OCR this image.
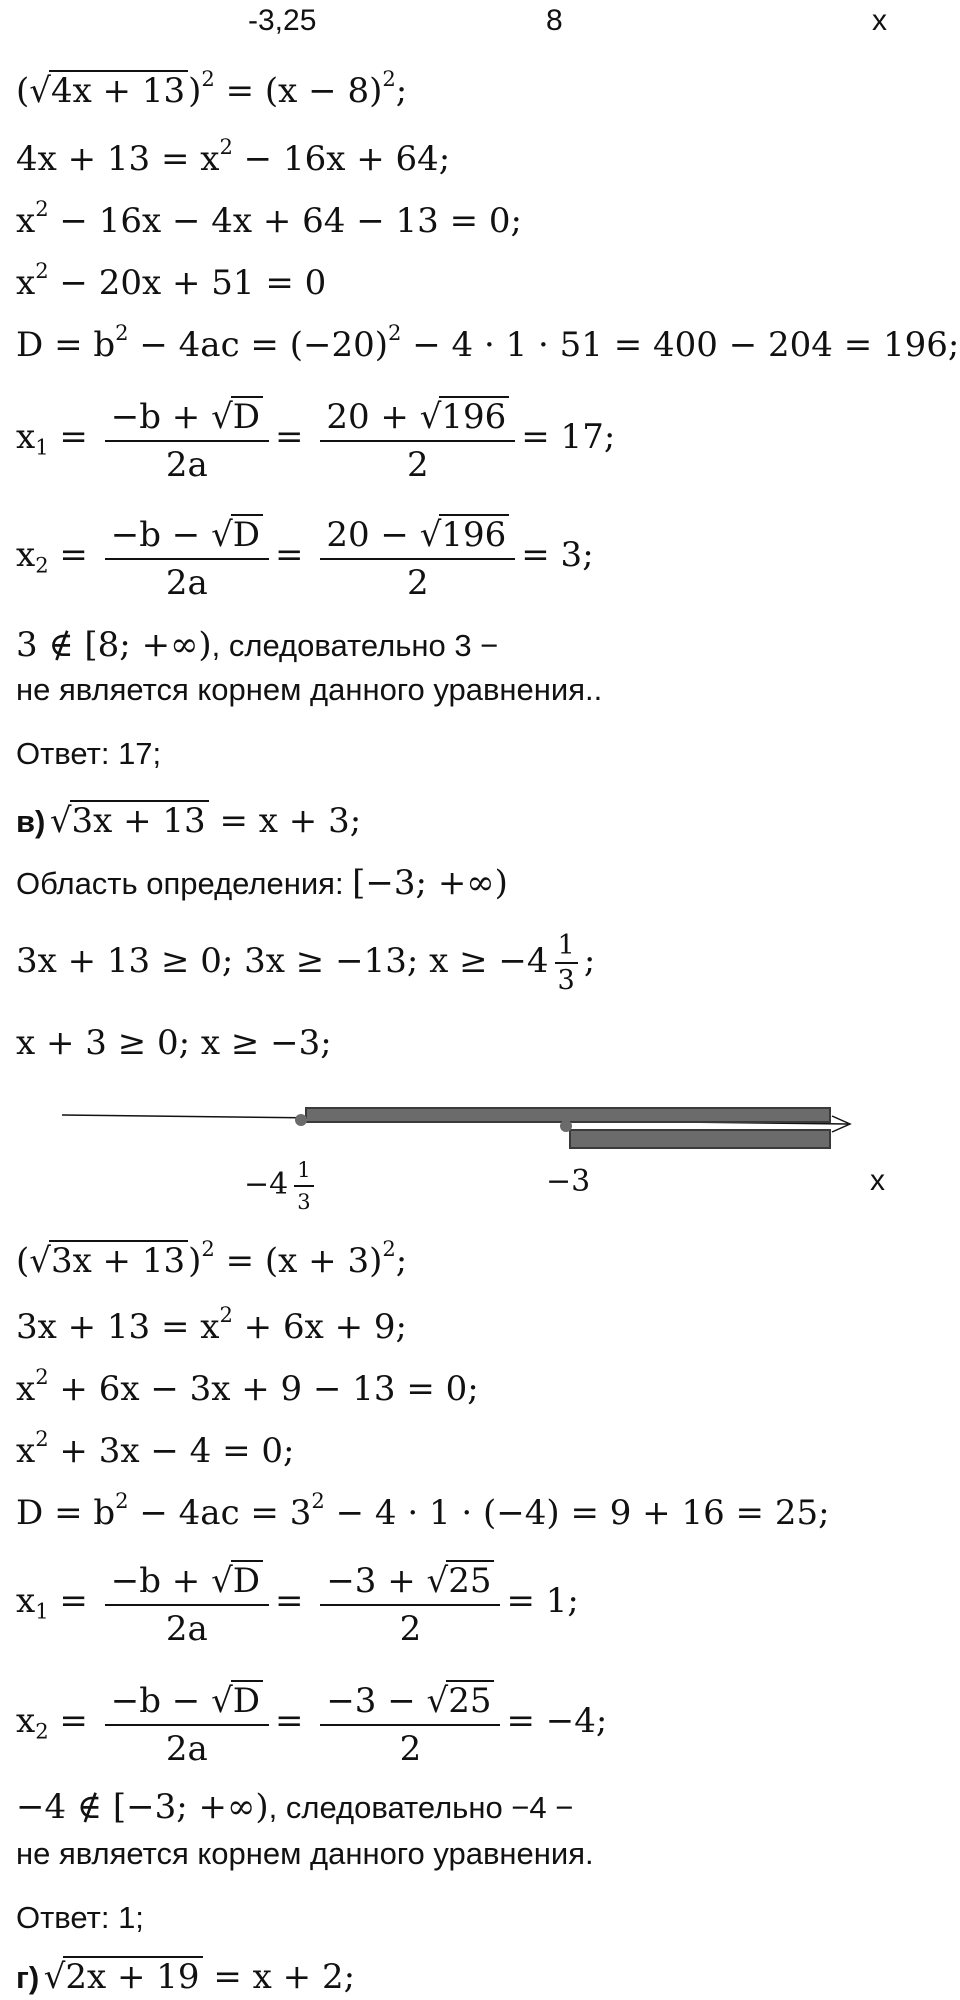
-3,25	8	x
$(√4x + 13)^2 = (x - 8)^2$;
$4x + 13 = x^2 - 16x + 64$;
$x^2 - 16x - 4x + 64 - 13 = 0$;
$x^2 - 20x + 51 = 0$
$D = b^2 - 4ac = (-20)^2 - 4 \cdot 1 \cdot 51 = 400 - 204 = 196$;
$x_1 = \frac{-b + √D}{2a} = \frac{20 + √196}{2} = 17$;
$x_2 = \frac{-b - √D}{2a} = \frac{20 - √196}{2} = 3$;
3 ∉ [8; +∞), следовательно 3 −
не является корнем данного уравнения..
Ответ: 17;
в) √3x + 13 = x + 3;
Область определения: [−3; +∞)
3x + 13 ≥ 0; 3x ≥ −13; $x \ge -4 \frac{1}{3}$ ;
x + 3 ≥ 0; x ≥ −3;
$-4 \frac{1}{3}$	−3	x
$(√3x + 13)^2 = (x + 3)^2$;
$3x + 13 = x^2 + 6x + 9$;
$x^2 + 6x - 3x + 9 - 13 = 0$;
$x^2 + 3x - 4 = 0$;
$D = b^2 - 4ac = 3^2 - 4 \cdot 1 \cdot (-4) = 9 + 16 = 25$;
$x_1 = \frac{-b + √D}{2a} = \frac{-3 + √25}{2} = 1$;
$x_2 = \frac{-b - √D}{2a} = \frac{-3 - √25}{2} = -4$;
−4 ∉ [−3; +∞), следовательно −4 −
не является корнем данного уравнения.
Ответ: 1;
г) √2x + 19 = x + 2;
